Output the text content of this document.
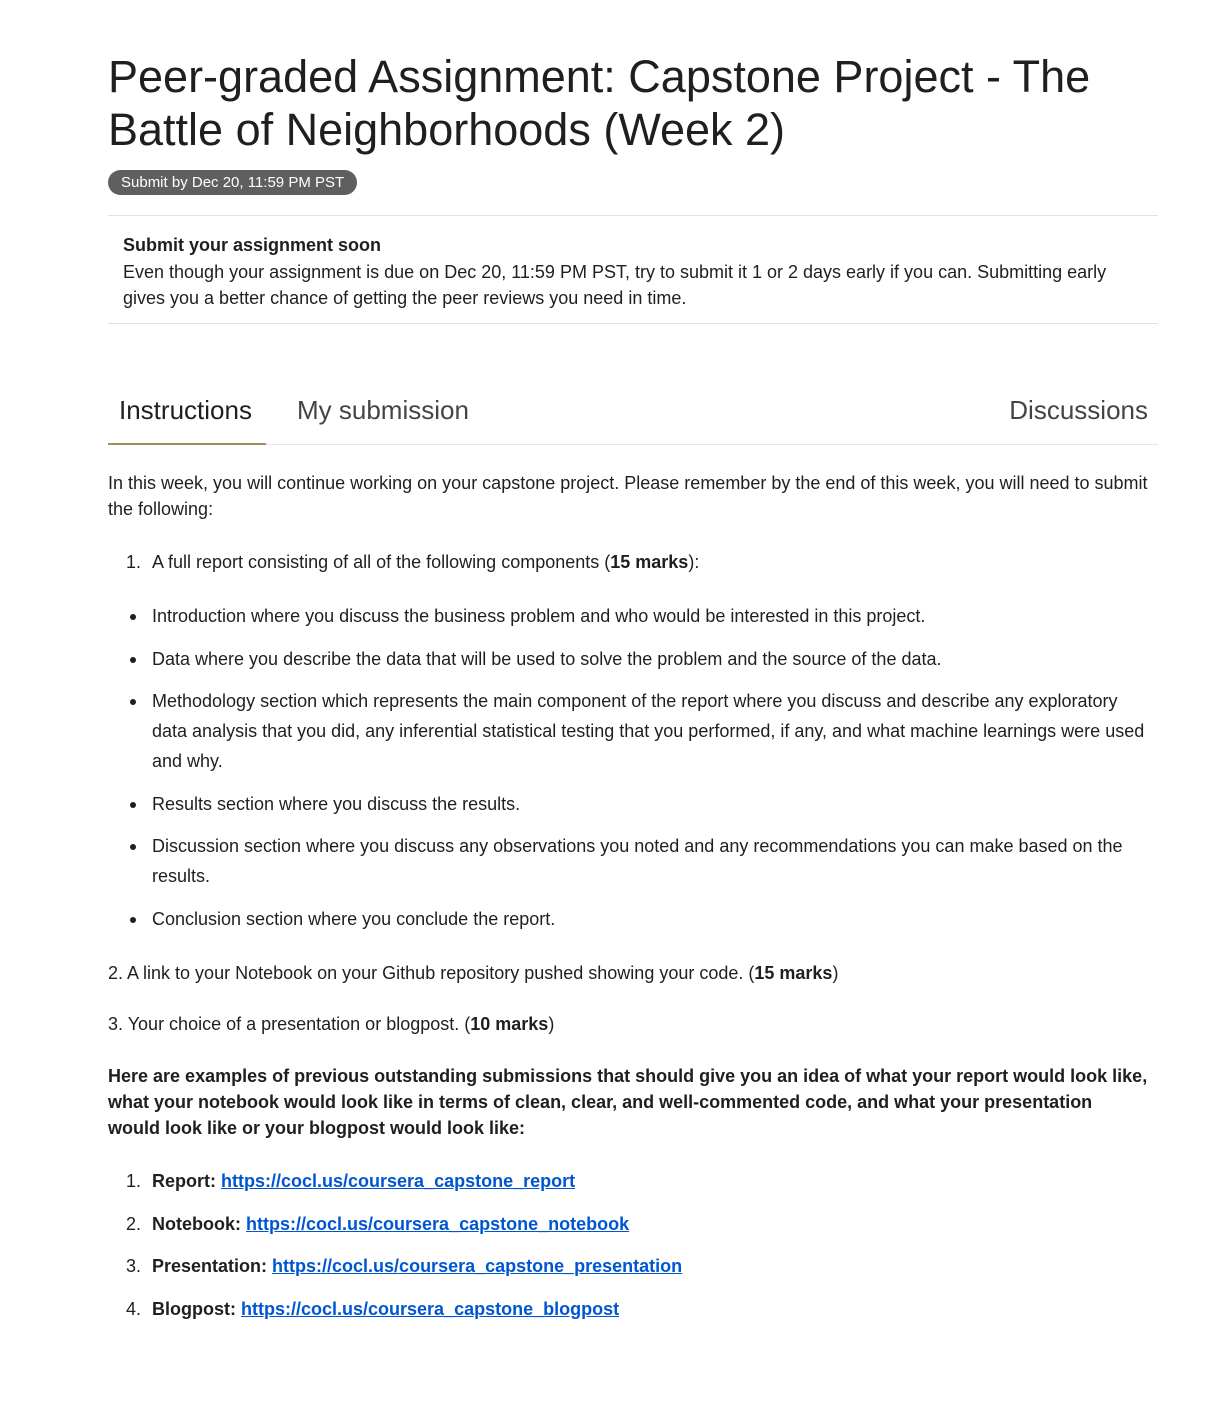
Peer-graded Assignment: Capstone Project - The Battle of Neighborhoods (Week 2)
Submit by Dec 20, 11:59 PM PST
Submit your assignment soon
Even though your assignment is due on Dec 20, 11:59 PM PST, try to submit it 1 or 2 days early if you can. Submitting early gives you a better chance of getting the peer reviews you need in time.
Instructions My submission	Discussions
In this week, you will continue working on your capstone project. Please remember by the end of this week, you will need to submit the following:
1. A full report consisting of all of the following components (15 marks):
Introduction where you discuss the business problem and who would be interested in this project.
Data where you describe the data that will be used to solve the problem and the source of the data.
Methodology section which represents the main component of the report where you discuss and describe any exploratory data analysis that you did, any inferential statistical testing that you performed, if any, and what machine learnings were used and why.
Results section where you discuss the results.
Discussion section where you discuss any observations you noted and any recommendations you can make based on the results.
Conclusion section where you conclude the report.
2. A link to your Notebook on your Github repository pushed showing your code. (15 marks)
3. Your choice of a presentation or blogpost. (10 marks)
Here are examples of previous outstanding submissions that should give you an idea of what your report would look like, what your notebook would look like in terms of clean, clear, and well-commented code, and what your presentation would look like or your blogpost would look like:
1. Report: https://cocl.us/coursera_capstone_report
2. Notebook: https://cocl.us/coursera_capstone_notebook
3. Presentation: https://cocl.us/coursera_capstone_presentation
4. Blogpost: https://cocl.us/coursera_capstone_blogpost
